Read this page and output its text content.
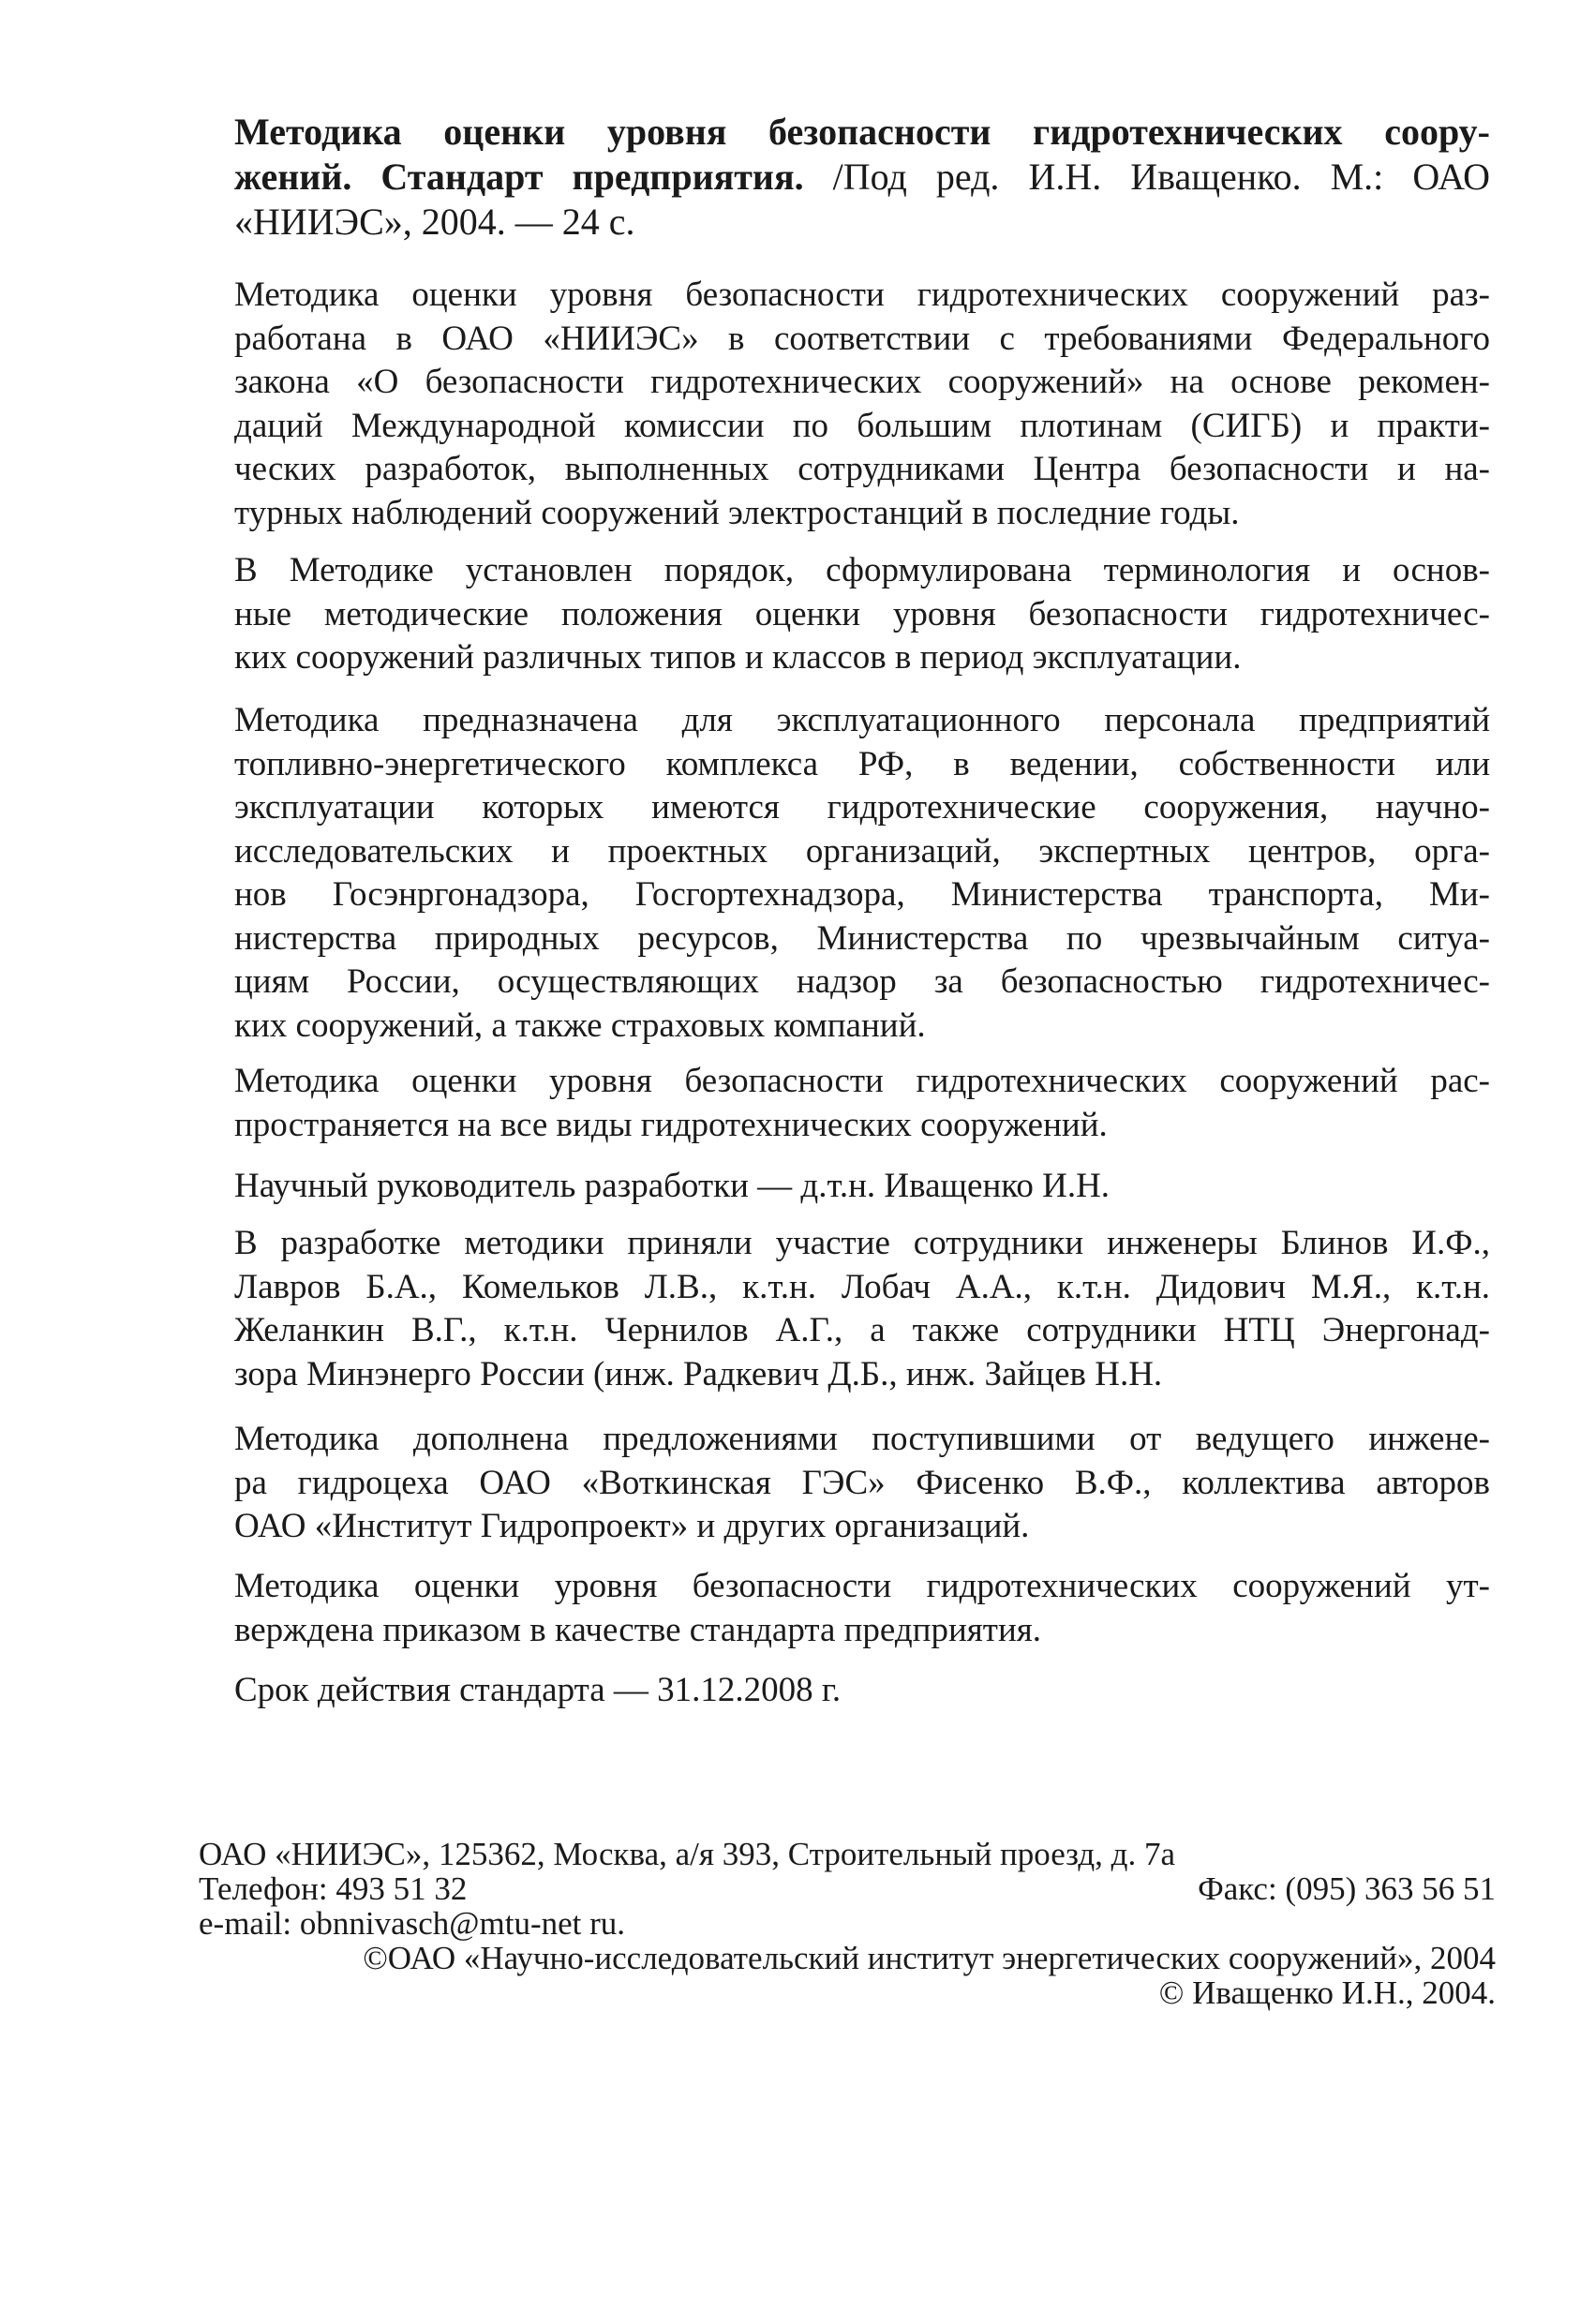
Методика оценки уровня безопасности гидротехнических соору-
жений. Стандарт предприятия. /Под ред. И.Н. Иващенко. М.: ОАО
«НИИЭС», 2004. — 24 с.
Методика оценки уровня безопасности гидротехнических сооружений раз-
работана в ОАО «НИИЭС» в соответствии с требованиями Федерального
закона «О безопасности гидротехнических сооружений» на основе рекомен-
даций Международной комиссии по большим плотинам (СИГБ) и практи-
ческих разработок, выполненных сотрудниками Центра безопасности и на-
турных наблюдений сооружений электростанций в последние годы.
В Методике установлен порядок, сформулирована терминология и основ-
ные методические положения оценки уровня безопасности гидротехничес-
ких сооружений различных типов и классов в период эксплуатации.
Методика предназначена для эксплуатационного персонала предприятий
топливно-энергетического комплекса РФ, в ведении, собственности или
эксплуатации которых имеются гидротехнические сооружения, научно-
исследовательских и проектных организаций, экспертных центров, орга-
нов Госэнргонадзора, Госгортехнадзора, Министерства транспорта, Ми-
нистерства природных ресурсов, Министерства по чрезвычайным ситуа-
циям России, осуществляющих надзор за безопасностью гидротехничес-
ких сооружений, а также страховых компаний.
Методика оценки уровня безопасности гидротехнических сооружений рас-
пространяется на все виды гидротехнических сооружений.
Научный руководитель разработки — д.т.н. Иващенко И.Н.
В разработке методики приняли участие сотрудники инженеры Блинов И.Ф.,
Лавров Б.А., Комельков Л.В., к.т.н. Лобач А.А., к.т.н. Дидович М.Я., к.т.н.
Желанкин В.Г., к.т.н. Чернилов А.Г., а также сотрудники НТЦ Энергонад-
зора Минэнерго России (инж. Радкевич Д.Б., инж. Зайцев Н.Н.
Методика дополнена предложениями поступившими от ведущего инжене-
ра гидроцеха ОАО «Воткинская ГЭС» Фисенко В.Ф., коллектива авторов
ОАО «Институт Гидропроект» и других организаций.
Методика оценки уровня безопасности гидротехнических сооружений ут-
верждена приказом в качестве стандарта предприятия.
Срок действия стандарта — 31.12.2008 г.
ОАО «НИИЭС», 125362, Москва, а/я 393, Строительный проезд, д. 7а
Телефон: 493 51 32	Факс: (095) 363 56 51
e-mail: obnnivasch@mtu-net ru.
©ОАО «Научно-исследовательский институт энергетических сооружений», 2004
© Иващенко И.Н., 2004.
